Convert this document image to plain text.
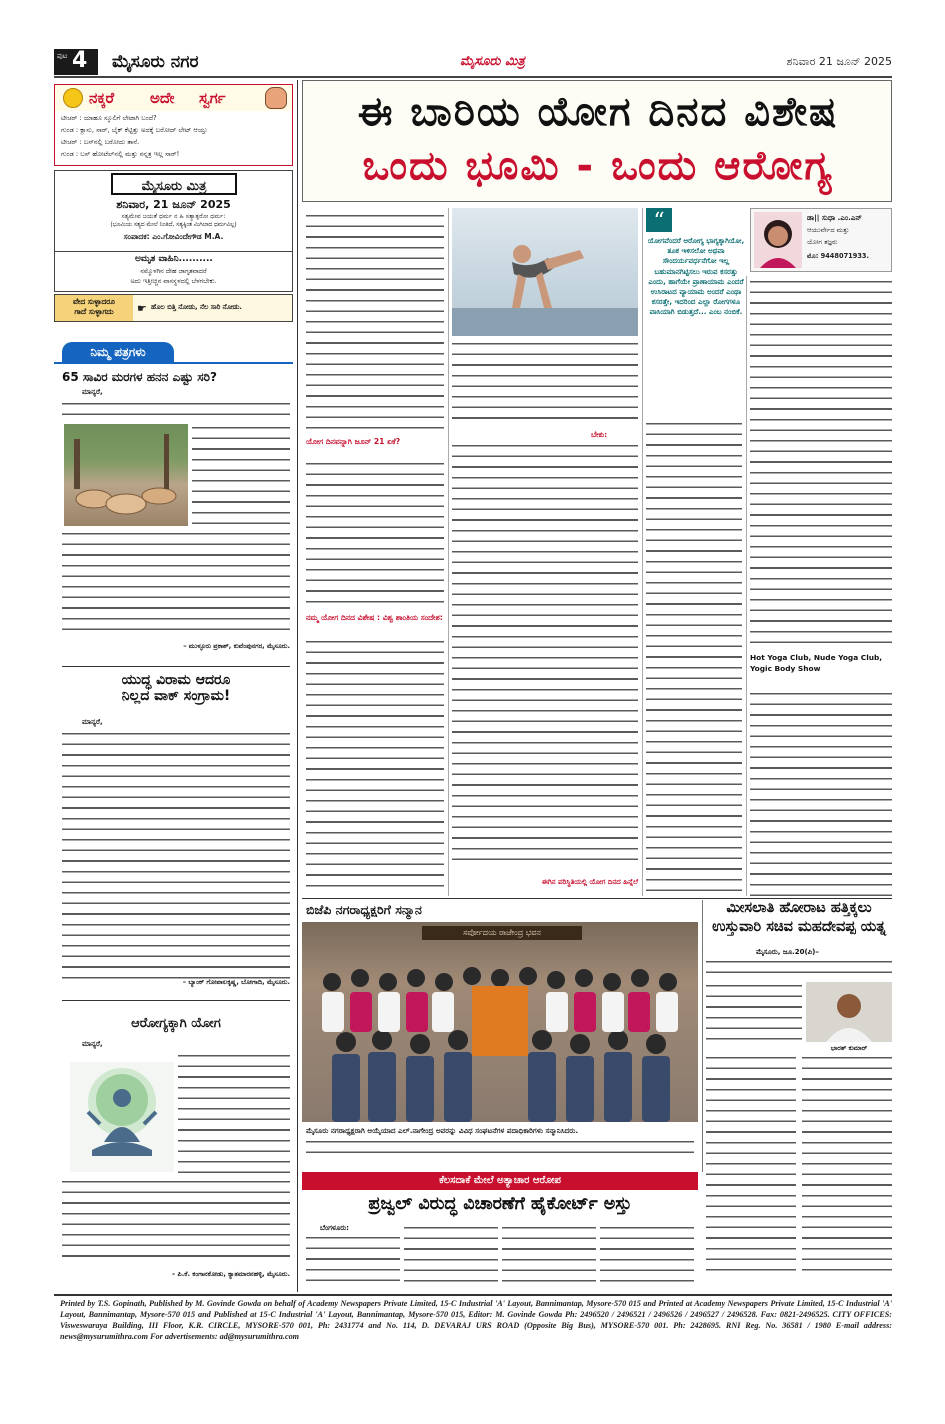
ಪುಟ 4 ಮೈಸೂರು ನಗರ	ಮೈಸೂರು ಮಿತ್ರ	ಶನಿವಾರ 21 ಜೂನ್ 2025
ನಕ್ಕರೆ ಅದೇ ಸ್ವರ್ಗ
ಟೀಚರ್ : ಯಾಹೂ ಸ್ಕೂಲಿಗೆ ಲೇಟಾಗಿ ಬಂದೆ?
ಗುಂಡ : ಕ್ಲಾಸು, ಸಾರ್, ಬೈಕ್ ಕೆಟ್ಟಿತ್ತು ಅದಕ್ಕೆ ಬರೋದ್ ಲೇಟ್ ಆಯ್ತು
ಟೀಚರ್ : ಬಸ್‌ನಲ್ಲಿ ಬರೋದು ತಾನೆ.
ಗುಂಡ : ಬಸ್ ಹೋಟೆಲ್‌ನಲ್ಲಿ ಮತ್ತು ನನ್ನತ್ರ ಇಲ್ಲ ಸಾರ್!
ಮೈಸೂರು ಮಿತ್ರ
ಶನಿವಾರ, 21 ಜೂನ್ 2025
ಸತ್ಯಮೇವ ಜಯತೆ ಧರ್ಮ ನ ಹಿ ಸತ್ಯಾತ್ಪರೋ ಧರ್ಮ:
(ಭೂಮಿಯ ಸತ್ಯದ ಮೇಲೆ ನಿಂತಿದೆ, ಸತ್ಯಕ್ಕಿಂತ ಮಿಗಿಲಾದ ಧರ್ಮವಿಲ್ಲ)
ಸಂಪಾದಕ: ಎಂ.ಗೋವಿಂದೇಗೌಡ M.A.
ಅಮೃತ ವಾಹಿನಿ..........
ನಮ್ಮೊಳಗಿನ ದೇಹ ಜಾಗೃತವಾದರೆ
ಅದು ಇತ್ತೀಚ್ಚಿನ ವಾಸಸ್ಥಳದಲ್ಲಿ ಬೆಳಗಬೇಕು.
ವೇದ ಸುಳ್ಳಾದರೂ
ಗಾದೆ ಸುಳ್ಳಾಗದು	☛ ಹೊಲ ಬಿತ್ತಿ ನೋಡು, ನೆಲ ಸಾರಿ ನೋಡು.
ನಿಮ್ಮ ಪತ್ರಗಳು
65 ಸಾವಿರ ಮರಗಳ ಹನನ ಎಷ್ಟು ಸರಿ?
ಮಾನ್ಯರೆ,
– ಮುಳ್ಳೂರು ಪ್ರಕಾಶ್, ಕುವೆಂಪುನಗರ, ಮೈಸೂರು.
ಯುದ್ಧ ವಿರಾಮ ಆದರೂ
ನಿಲ್ಲದ ವಾಕ್ ಸಂಗ್ರಾಮ!
ಮಾನ್ಯರೆ,
– ಬ್ಯಾಂಕ್ ಗೋಪಾಲಕೃಷ್ಣ, ಬೋಗಾದಿ, ಮೈಸೂರು.
ಆರೋಗ್ಯಕ್ಕಾಗಿ ಯೋಗ
ಮಾನ್ಯರೆ,
– ಪಿ.ಕೆ. ಕಂಗಾನಕೋಡು, ಕ್ಯಾತಮಾರನಹಳ್ಳಿ, ಮೈಸೂರು.
ಈ ಬಾರಿಯ ಯೋಗ ದಿನದ ವಿಶೇಷ
ಒಂದು ಭೂಮಿ - ಒಂದು ಆರೋಗ್ಯ
ಯೋಗ ದಿನವನ್ನಾಗಿ ಜೂನ್ 21 ಏಕೆ?
ನಮ್ಮ ಯೋಗ ದಿನದ ವಿಶೇಷ : ವಿಶ್ವ ಶಾಂತಿಯ ಸಂದೇಶ:
ಬೇಕು:
ಈಗಿನ ಪರಿಸ್ಥಿತಿಯಲ್ಲಿ ಯೋಗ ದಿನದ ಹಿನ್ನೆಲೆ
“
ಯೋಗವೆಂದರೆ ಆರೋಗ್ಯ ಭಾಗ್ಯಕ್ಕಾಗಿಯೋ, ತೂಕ ಇಳಿಸಲೋ ಅಥವಾ ಸೌಂದರ್ಯವರ್ಧನೆಗೋ ಇಲ್ಲ ಬಹುಮಾನಗಿಟ್ಟಿಸಲು ಇರುವ ಕಸರತ್ತು ಎಂದು, ಹಾಗೆಯೇ ಪ್ರಾಣಾಯಾಮ ಎಂದರೆ ಉಸಿರಾಟದ ವ್ಯಾಯಾಮ ಅಂದರೆ ಎಂಥಾ ಕಸರತ್ತೇ, ಇದರಿಂದ ಎಲ್ಲಾ ರೋಗಗಳೂ ವಾಸಿಯಾಗಿ ಬಿಡುತ್ತದೆ... ಎಂಬ ನಂಬಿಕೆ.
ಡಾ|| ಸುಧಾ .ಎಂ.ಎನ್
ಆಯುರ್ವೇದ ಮತ್ತು
ಯೋಗ ತಜ್ಞರು
ಮೊ: 9448071933.
Hot Yoga Club, Nude Yoga Club, Yogic Body Show
ಬಿಜೆಪಿ ನಗರಾಧ್ಯಕ್ಷರಿಗೆ ಸನ್ಮಾನ
ಸರ್ವೋದಯ ರಾಜೇಂದ್ರ ಭವನ
ಮೈಸೂರು ನಗರಾಧ್ಯಕ್ಷರಾಗಿ ಆಯ್ಕೆಯಾದ ಎಲ್.ನಾಗೇಂದ್ರ ಅವರನ್ನು ವಿವಿಧ ಸಂಘಟನೆಗಳ ಪದಾಧಿಕಾರಿಗಳು ಸನ್ಮಾನಿಸಿದರು.
ಮೀಸಲಾತಿ ಹೋರಾಟ ಹತ್ತಿಕ್ಕಲು
ಉಸ್ತುವಾರಿ ಸಚಿವ ಮಹದೇವಪ್ಪ ಯತ್ನ
ಮೈಸೂರು, ಜೂ.20(ಪಿ)–
ಭಾರತ್ ಕುಮಾರ್
ಕೆಲಸದಾಕೆ ಮೇಲೆ ಅತ್ಯಾಚಾರ ಆರೋಪ
ಪ್ರಜ್ವಲ್ ವಿರುದ್ಧ ವಿಚಾರಣೆಗೆ ಹೈಕೋರ್ಟ್ ಅಸ್ತು
ಬೆಂಗಳೂರು:
Printed by T.S. Gopinath, Published by M. Govinde Gowda on behalf of Academy Newspapers Private Limited, 15-C Industrial 'A' Layout, Bannimantap, Mysore-570 015 and Printed at Academy Newspapers Private Limited, 15-C Industrial 'A' Layout, Bannimantap, Mysore-570 015 and Published at 15-C Industrial 'A' Layout, Bannimantap, Mysore-570 015, Editor: M. Govinde Gowda Ph: 2496520 / 2496521 / 2496526 / 2496527 / 2496528. Fax: 0821-2496525. CITY OFFICES: Visweswaraya Building, III Floor, K.R. CIRCLE, MYSORE-570 001, Ph: 2431774 and No. 114, D. DEVARAJ URS ROAD (Opposite Big Bus), MYSORE-570 001. Ph: 2428695. RNI Reg. No. 36581 / 1980 E-mail address: news@mysurumithra.com For advertisements: ad@mysurumithra.com
